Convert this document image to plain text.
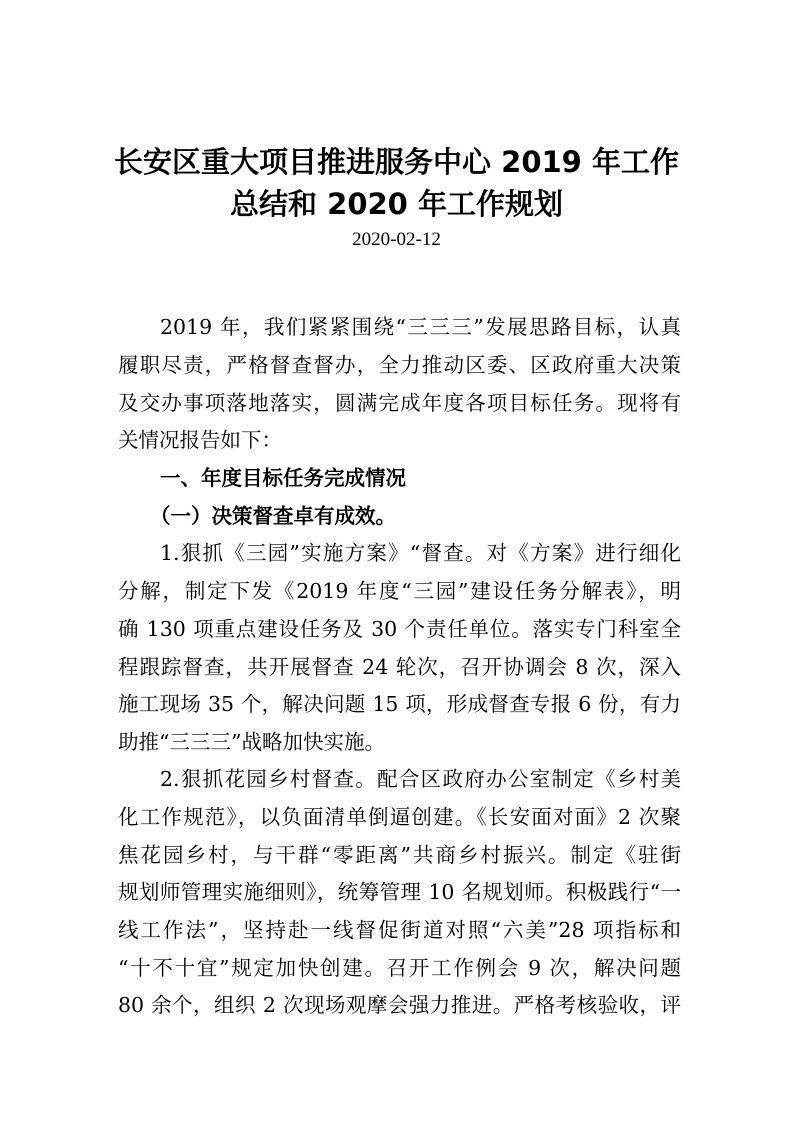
长安区重大项目推进服务中心 2019 年工作
总结和 2020 年工作规划
2020-02-12
2019 年，我们紧紧围绕“三三三”发展思路目标，认真
履职尽责，严格督查督办，全力推动区委、区政府重大决策
及交办事项落地落实，圆满完成年度各项目标任务。现将有
关情况报告如下：
一、年度目标任务完成情况
（一）决策督查卓有成效。
1.狠抓《三园”实施方案》“督查。对《方案》进行细化
分解，制定下发《2019 年度“三园”建设任务分解表》，明
确 130 项重点建设任务及 30 个责任单位。落实专门科室全
程跟踪督查，共开展督查 24 轮次，召开协调会 8 次，深入
施工现场 35 个，解决问题 15 项，形成督查专报 6 份，有力
助推“三三三”战略加快实施。
2.狠抓花园乡村督查。配合区政府办公室制定《乡村美
化工作规范》，以负面清单倒逼创建。《长安面对面》2 次聚
焦花园乡村，与干群“零距离”共商乡村振兴。制定《驻街
规划师管理实施细则》，统筹管理 10 名规划师。积极践行“一
线工作法”，坚持赴一线督促街道对照“六美”28 项指标和
“十不十宜”规定加快创建。召开工作例会 9 次，解决问题
80 余个，组织 2 次现场观摩会强力推进。严格考核验收，评
